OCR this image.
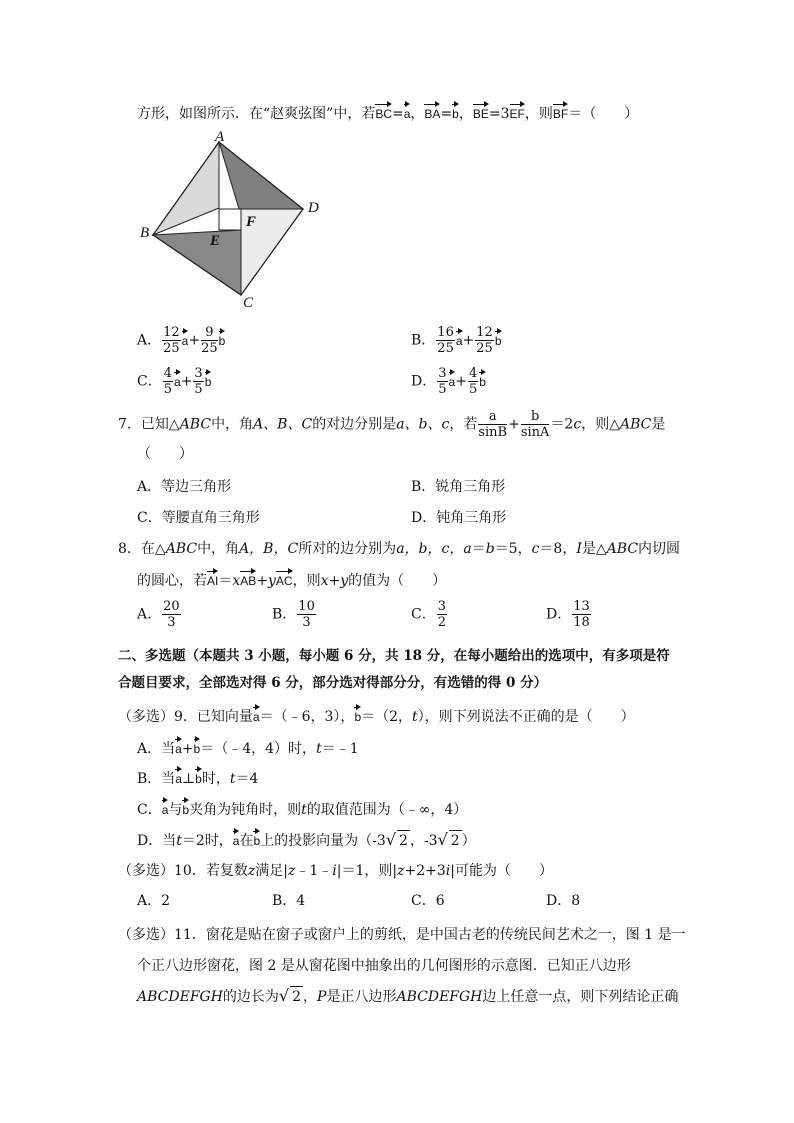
方形，如图所示．在“赵爽弦图”中，若BC=a，BA=b，BE=3EF，则BF＝（　　）
A
B
C
D
E
F
A． $\frac{12}{25} a+ \frac{9}{25}$ b	B． $\frac{16}{25} a+ \frac{12}{25}$ b
C． $\frac{4}{5} a+ \frac{3}{5}$ b	D． $\frac{3}{5} a+ \frac{4}{5}$ b
7．已知△ABC中，角A、B、C的对边分别是a、b、c，若 $\frac{a}{\sin B} + \frac{b}{\sin A} =2c$，则△ABC是
（　　）
A．等边三角形	B．锐角三角形
C．等腰直角三角形	D．钝角三角形
8．在△ABC中，角A，B，C所对的边分别为a，b，c，a＝b＝5，c＝8，I是△ABC内切圆
的圆心，若AI＝xAB+yAC，则x+y的值为（　　）
A． $\frac{20}{3}$	B． $\frac{10}{3}$	C． $\frac{3}{2}$	D． $\frac{13}{18}$
二、多选题（本题共 3 小题，每小题 6 分，共 18 分，在每小题给出的选项中，有多项是符
合题目要求，全部选对得 6 分，部分选对得部分分，有选错的得 0 分）
（多选）9．已知向量a＝（﹣6，3），b＝（2，t），则下列说法不正确的是（　　）
A．当a+b＝（﹣4，4）时，t＝﹣1
B．当a⊥b时，t＝4
C．a与b夹角为钝角时，则t的取值范围为（﹣∞，4）
D．当t＝2时，a在b上的投影向量为（-3√ 2 ，-3√ 2 ）
（多选）10．若复数z满足|z﹣1﹣i|＝1，则|z+2+3i|可能为（　　）
A．2	B．4	C．6	D．8
（多选）11．窗花是贴在窗子或窗户上的剪纸，是中国古老的传统民间艺术之一，图 1 是一
个正八边形窗花，图 2 是从窗花图中抽象出的几何图形的示意图．已知正八边形
ABCDEFGH的边长为√ 2 ，P是正八边形ABCDEFGH边上任意一点，则下列结论正确
